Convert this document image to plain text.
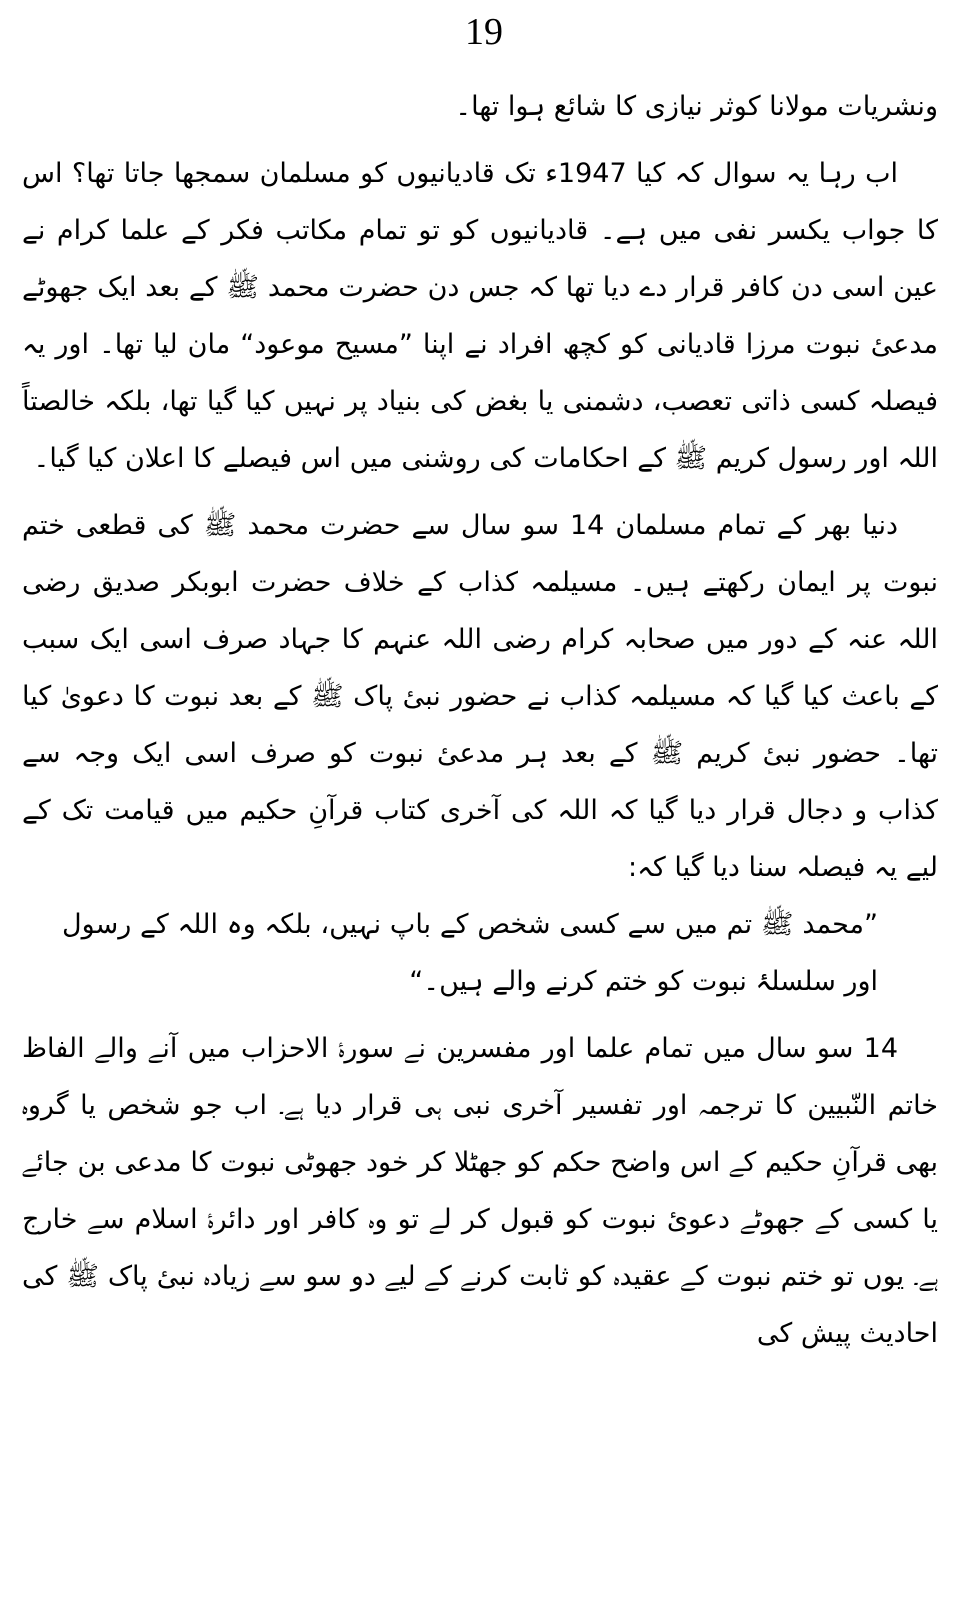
19

ونشریات مولانا کوثر نیازی کا شائع ہوا تھا۔

اب رہا یہ سوال کہ کیا 1947ء تک قادیانیوں کو مسلمان سمجھا جاتا تھا؟ اس کا جواب یکسر نفی میں ہے۔ قادیانیوں کو تو تمام مکاتب فکر کے علما کرام نے عین اسی دن کافر قرار دے دیا تھا کہ جس دن حضرت محمد ﷺ کے بعد ایک جھوٹے مدعیٔ نبوت مرزا قادیانی کو کچھ افراد نے اپنا ”مسیح موعود“ مان لیا تھا۔ اور یہ فیصلہ کسی ذاتی تعصب، دشمنی یا بغض کی بنیاد پر نہیں کیا گیا تھا، بلکہ خالصتاً اللہ اور رسول کریم ﷺ کے احکامات کی روشنی میں اس فیصلے کا اعلان کیا گیا۔

دنیا بھر کے تمام مسلمان 14 سو سال سے حضرت محمد ﷺ کی قطعی ختم نبوت پر ایمان رکھتے ہیں۔ مسیلمہ کذاب کے خلاف حضرت ابوبکر صدیق رضی اللہ عنہ کے دور میں صحابہ کرام رضی اللہ عنہم کا جہاد صرف اسی ایک سبب کے باعث کیا گیا کہ مسیلمہ کذاب نے حضور نبیٔ پاک ﷺ کے بعد نبوت کا دعویٰ کیا تھا۔ حضور نبیٔ کریم ﷺ کے بعد ہر مدعیٔ نبوت کو صرف اسی ایک وجہ سے کذاب و دجال قرار دیا گیا کہ اللہ کی آخری کتاب قرآنِ حکیم میں قیامت تک کے لیے یہ فیصلہ سنا دیا گیا کہ:

”محمد ﷺ تم میں سے کسی شخص کے باپ نہیں، بلکہ وہ اللہ کے رسول اور سلسلۂ نبوت کو ختم کرنے والے ہیں۔“

14 سو سال میں تمام علما اور مفسرین نے سورۂ الاحزاب میں آنے والے الفاظ خاتم النّبیین کا ترجمہ اور تفسیر آخری نبی ہی قرار دیا ہے۔ اب جو شخص یا گروہ بھی قرآنِ حکیم کے اس واضح حکم کو جھٹلا کر خود جھوٹی نبوت کا مدعی بن جائے یا کسی کے جھوٹے دعویٔ نبوت کو قبول کر لے تو وہ کافر اور دائرۂ اسلام سے خارج ہے۔ یوں تو ختم نبوت کے عقیدہ کو ثابت کرنے کے لیے دو سو سے زیادہ نبیٔ پاک ﷺ کی احادیث پیش کی
